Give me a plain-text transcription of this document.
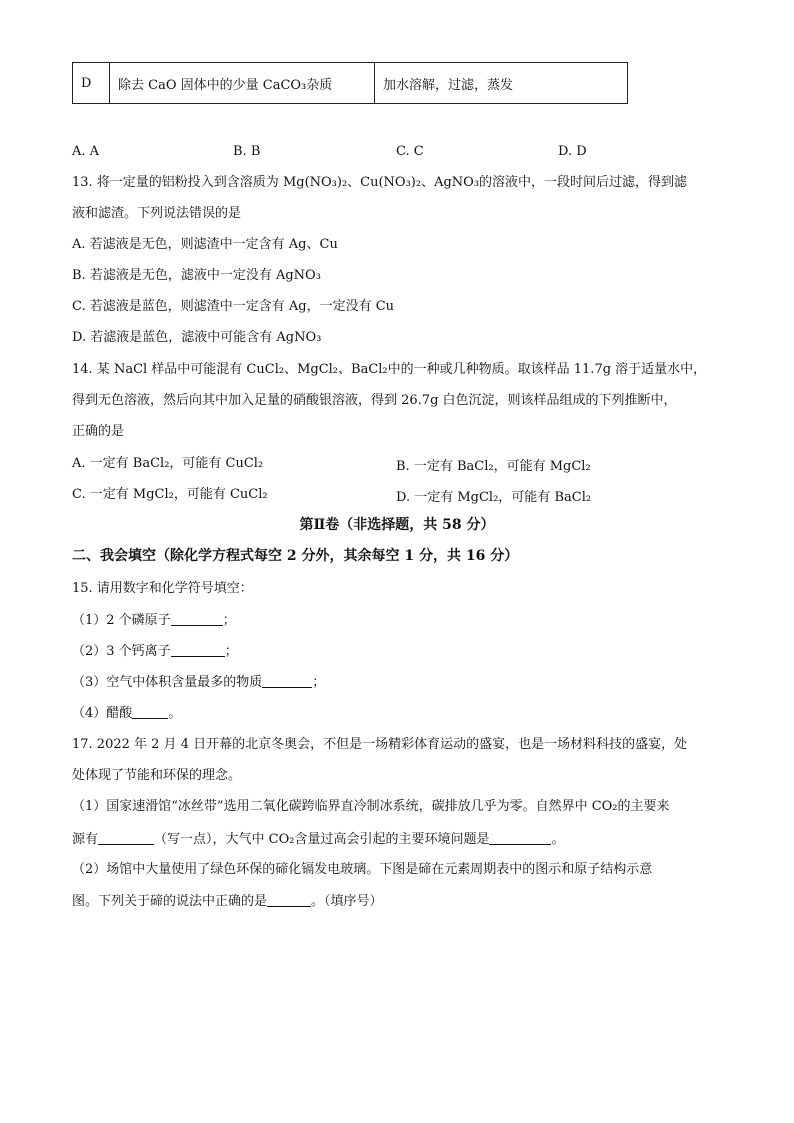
D	除去 CaO 固体中的少量 CaCO₃杂质	加水溶解，过滤，蒸发
A. A	B. B	C. C	D. D
13. 将一定量的铝粉投入到含溶质为 Mg(NO₃)₂、Cu(NO₃)₂、AgNO₃的溶液中，一段时间后过滤，得到滤
液和滤渣。下列说法错误的是
A. 若滤液是无色，则滤渣中一定含有 Ag、Cu
B. 若滤液是无色，滤液中一定没有 AgNO₃
C. 若滤液是蓝色，则滤渣中一定含有 Ag，一定没有 Cu
D. 若滤液是蓝色，滤液中可能含有 AgNO₃
14. 某 NaCl 样品中可能混有 CuCl₂、MgCl₂、BaCl₂中的一种或几种物质。取该样品 11.7g 溶于适量水中，
得到无色溶液，然后向其中加入足量的硝酸银溶液，得到 26.7g 白色沉淀，则该样品组成的下列推断中，
正确的是
A. 一定有 BaCl₂，可能有 CuCl₂	B. 一定有 BaCl₂，可能有 MgCl₂
C. 一定有 MgCl₂，可能有 CuCl₂	D. 一定有 MgCl₂，可能有 BaCl₂
第Ⅱ卷（非选择题，共 58 分）
二、我会填空（除化学方程式每空 2 分外，其余每空 1 分，共 16 分）
15. 请用数字和化学符号填空：
（1）2 个磷原子	；
（2）3 个钙离子	；
（3）空气中体积含量最多的物质	；
（4）醋酸	。
17. 2022 年 2 月 4 日开幕的北京冬奥会，不但是一场精彩体育运动的盛宴，也是一场材料科技的盛宴，处
处体现了节能和环保的理念。
（1）国家速滑馆“冰丝带”选用二氧化碳跨临界直冷制冰系统，碳排放几乎为零。自然界中 CO₂的主要来
源有	（写一点），大气中 CO₂含量过高会引起的主要环境问题是	。
（2）场馆中大量使用了绿色环保的碲化镉发电玻璃。下图是碲在元素周期表中的图示和原子结构示意
图。下列关于碲的说法中正确的是	。（填序号）
